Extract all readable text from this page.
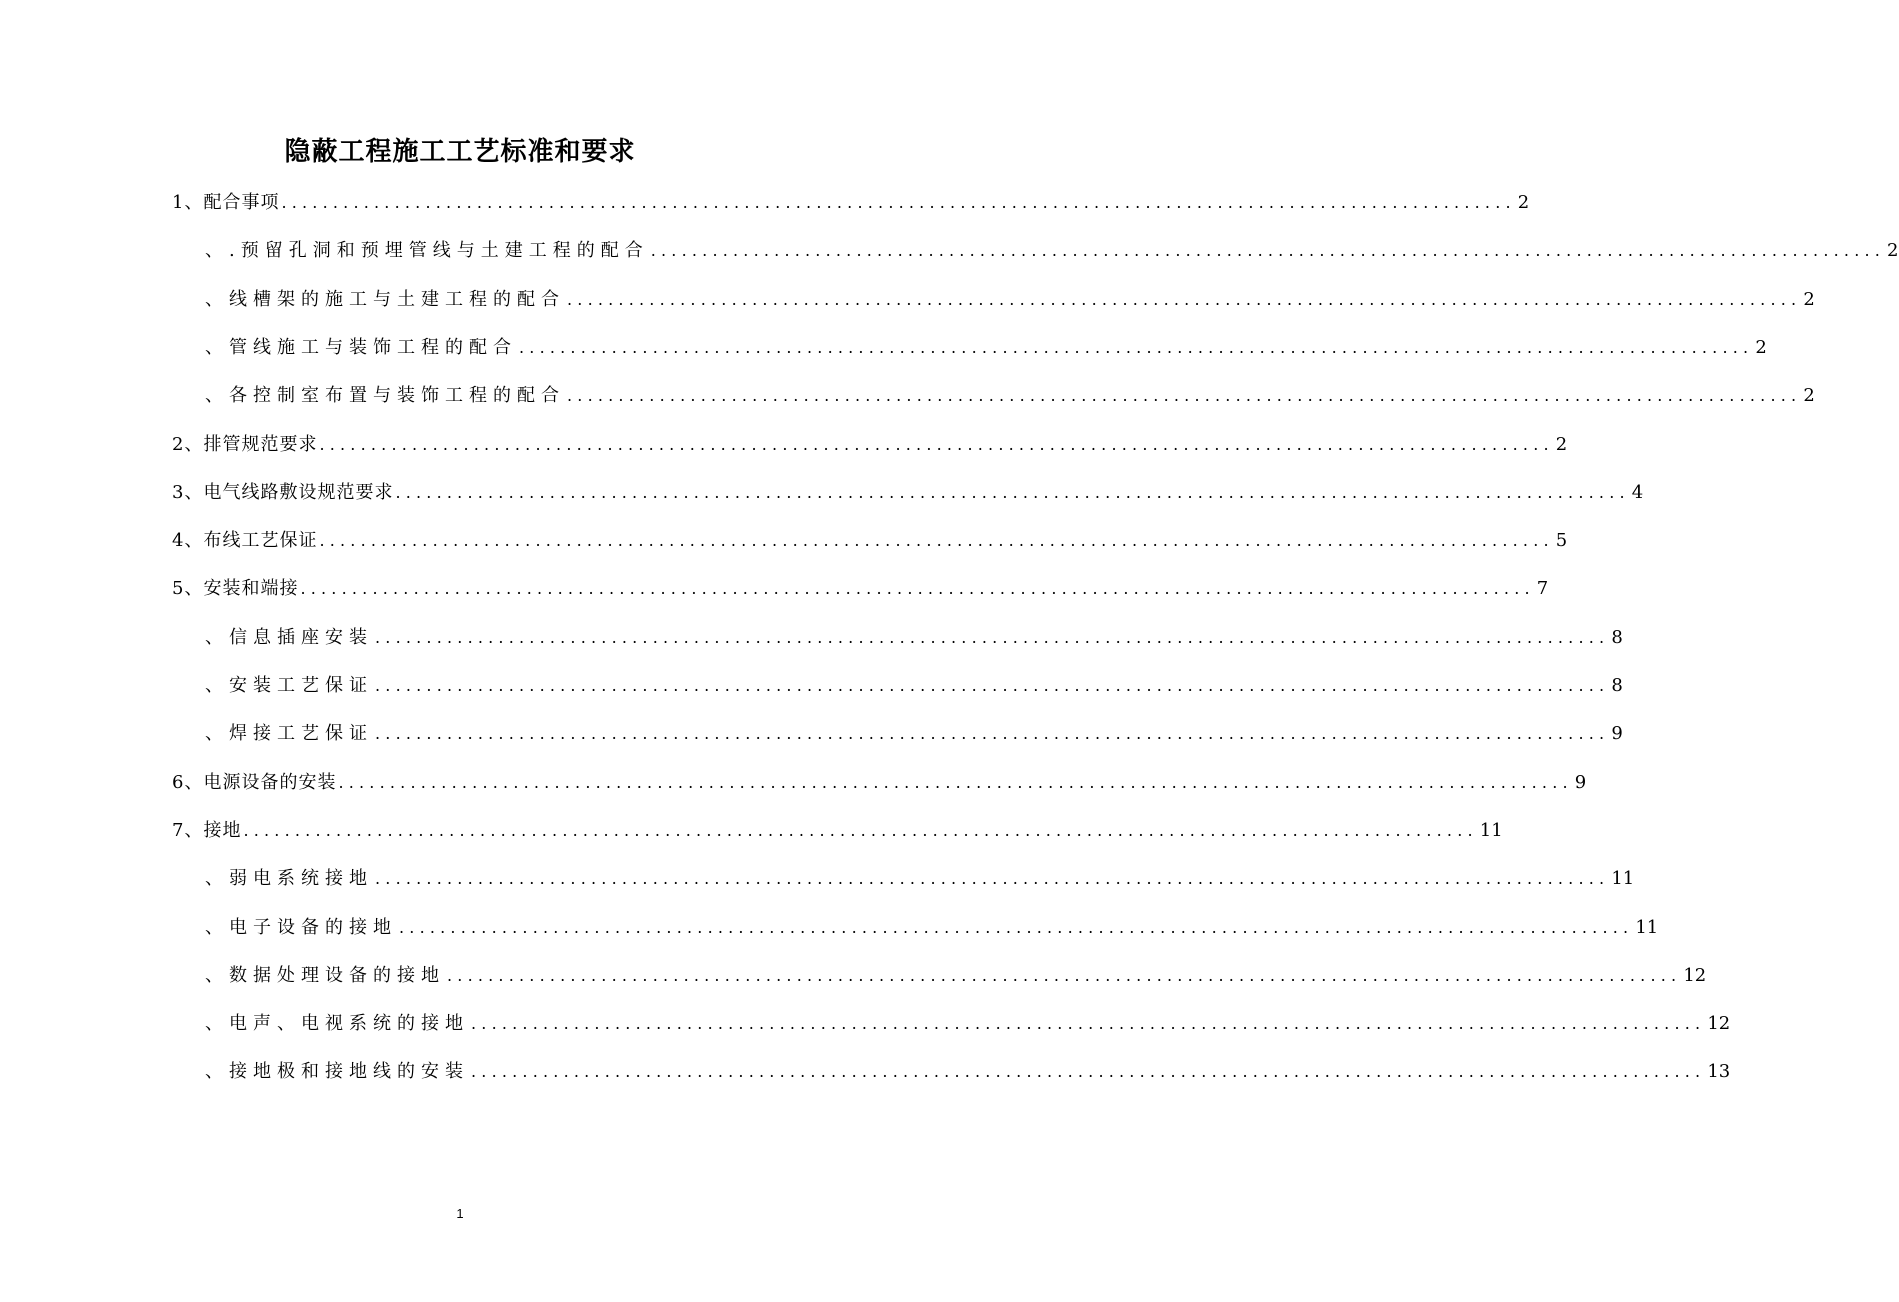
隐蔽工程施工工艺标准和要求
1、配合事项 ........................................................................................................................ 2
、.预留孔洞和预埋管线与土建工程的配合 ........................................................................................................................ 2
、线槽架的施工与土建工程的配合 ........................................................................................................................ 2
、管线施工与装饰工程的配合 ........................................................................................................................ 2
、各控制室布置与装饰工程的配合 ........................................................................................................................ 2
2、排管规范要求 ........................................................................................................................ 2
3、电气线路敷设规范要求 ........................................................................................................................ 4
4、布线工艺保证 ........................................................................................................................ 5
5、安装和端接 ........................................................................................................................ 7
、信息插座安装 ........................................................................................................................ 8
、安装工艺保证 ........................................................................................................................ 8
、焊接工艺保证 ........................................................................................................................ 9
6、电源设备的安装 ........................................................................................................................ 9
7、接地 ........................................................................................................................ 11
、弱电系统接地 ........................................................................................................................ 11
、电子设备的接地 ........................................................................................................................ 11
、数据处理设备的接地 ........................................................................................................................ 12
、电声、电视系统的接地 ........................................................................................................................ 12
、接地极和接地线的安装 ........................................................................................................................ 13
1
